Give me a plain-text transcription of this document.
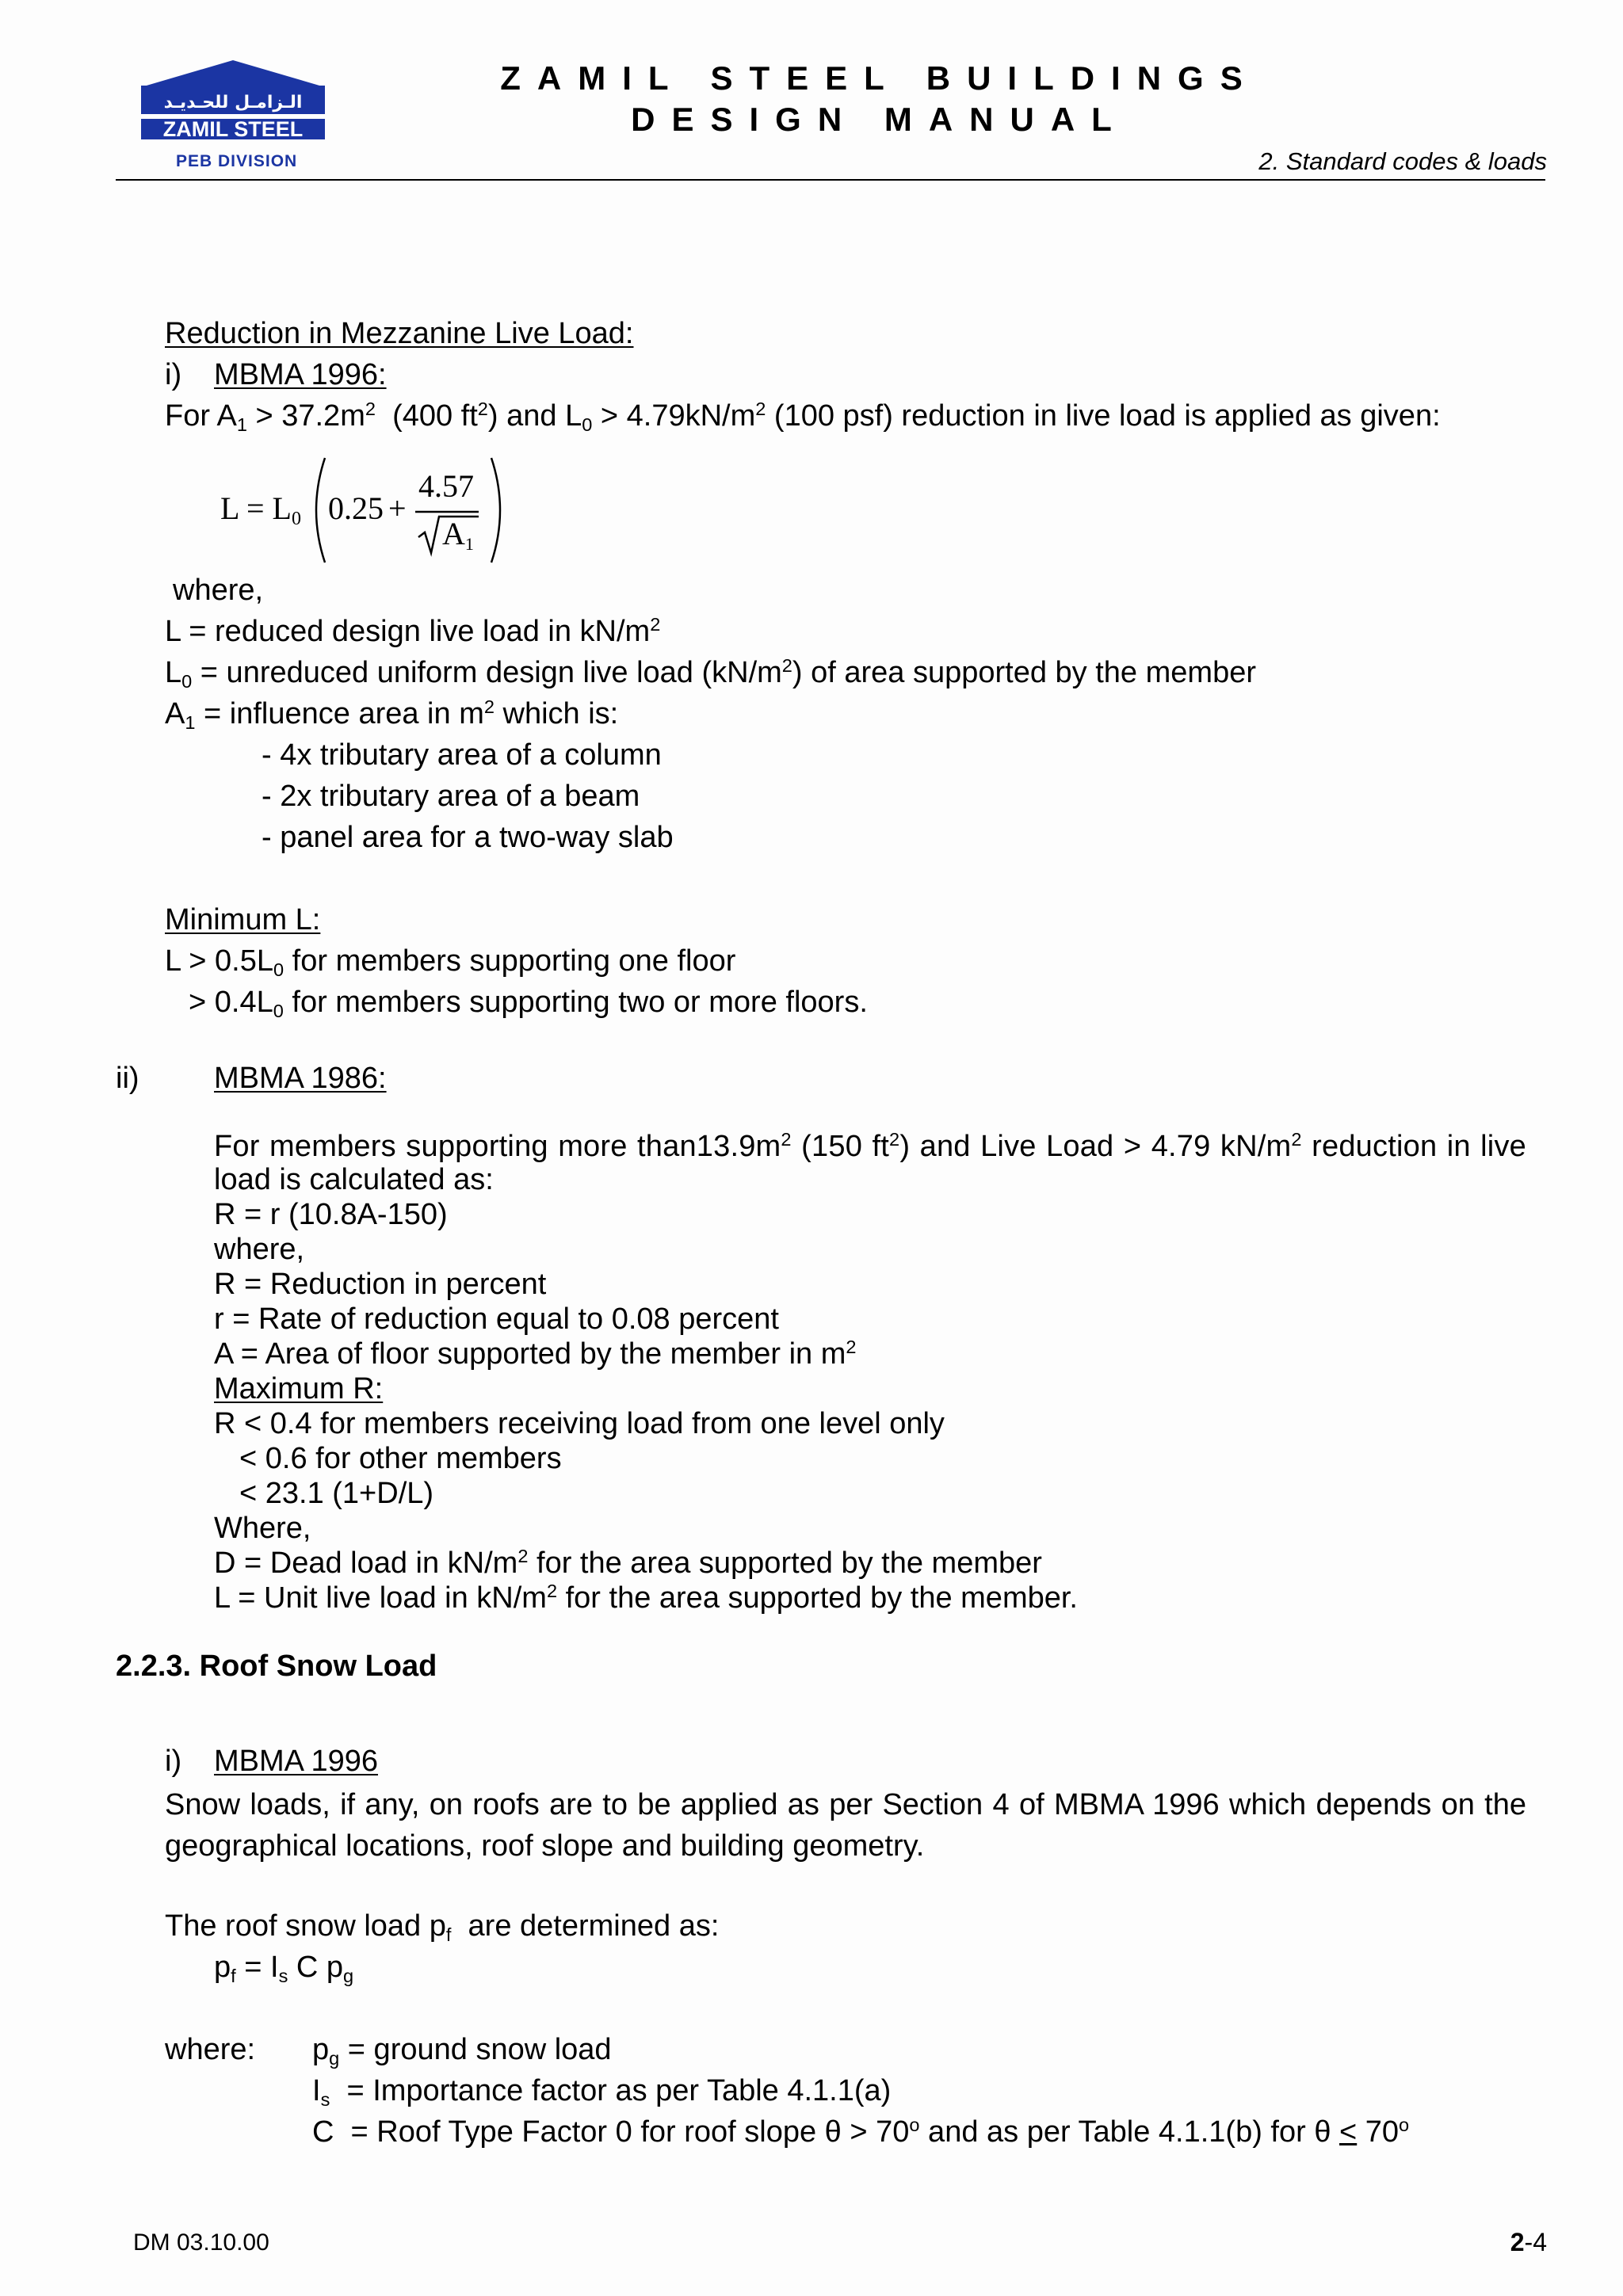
الـزامـل للحـديـد
ZAMIL STEEL
PEB DIVISION
ZAMIL STEEL BUILDINGS
DESIGN MANUAL
2. Standard codes & loads
Reduction in Mezzanine Live Load:
i) MBMA 1996:
For $A_1 > 37.2m^2$  (400 $ft^2$) and $L_0 > 4.79kN/m^2$ (100 psf) reduction in live load is applied as given:
$L = L_0$ 0.25 +
4.57
$A_1$
where,
L = reduced design live load in $kN/m^2$
$L_0$ = unreduced uniform design live load $(kN/m^2)$ of area supported by the member
$A_1$ = influence area in $m^2$ which is:
- 4x tributary area of a column
- 2x tributary area of a beam
- panel area for a two-way slab
Minimum L:
$L > 0.5L_0$ for members supporting one floor
> $0.4L_0$ for members supporting two or more floors.
ii) MBMA 1986:
For members supporting more $than13.9m^2$ (150 $ft^2$) and Live Load > 4.79 $kN/m^2$ reduction in live
load is calculated as:
R = r (10.8A-150)
where,
R = Reduction in percent
r = Rate of reduction equal to 0.08 percent
A = Area of floor supported by the member in $m^2$
Maximum R:
R < 0.4 for members receiving load from one level only
< 0.6 for other members
< 23.1 (1+D/L)
Where,
D = Dead load in $kN/m^2$ for the area supported by the member
L = Unit live load in $kN/m^2$ for the area supported by the member.
2.2.3. Roof Snow Load
i) MBMA 1996
Snow loads, if any, on roofs are to be applied as per Section 4 of MBMA 1996 which depends on the geographical locations, roof slope and building geometry.
The roof snow load $p_f$  are determined as:
$p_f = I_s$ C $p_g$
where: $p_g$ = ground snow load
$I_s$  = Importance factor as per Table 4.1.1(a)
C  = Roof Type Factor 0 for roof slope $\theta > 70^o$ and as per Table 4.1.1(b) for $\theta < 70^o$
DM 03.10.00	2-4
